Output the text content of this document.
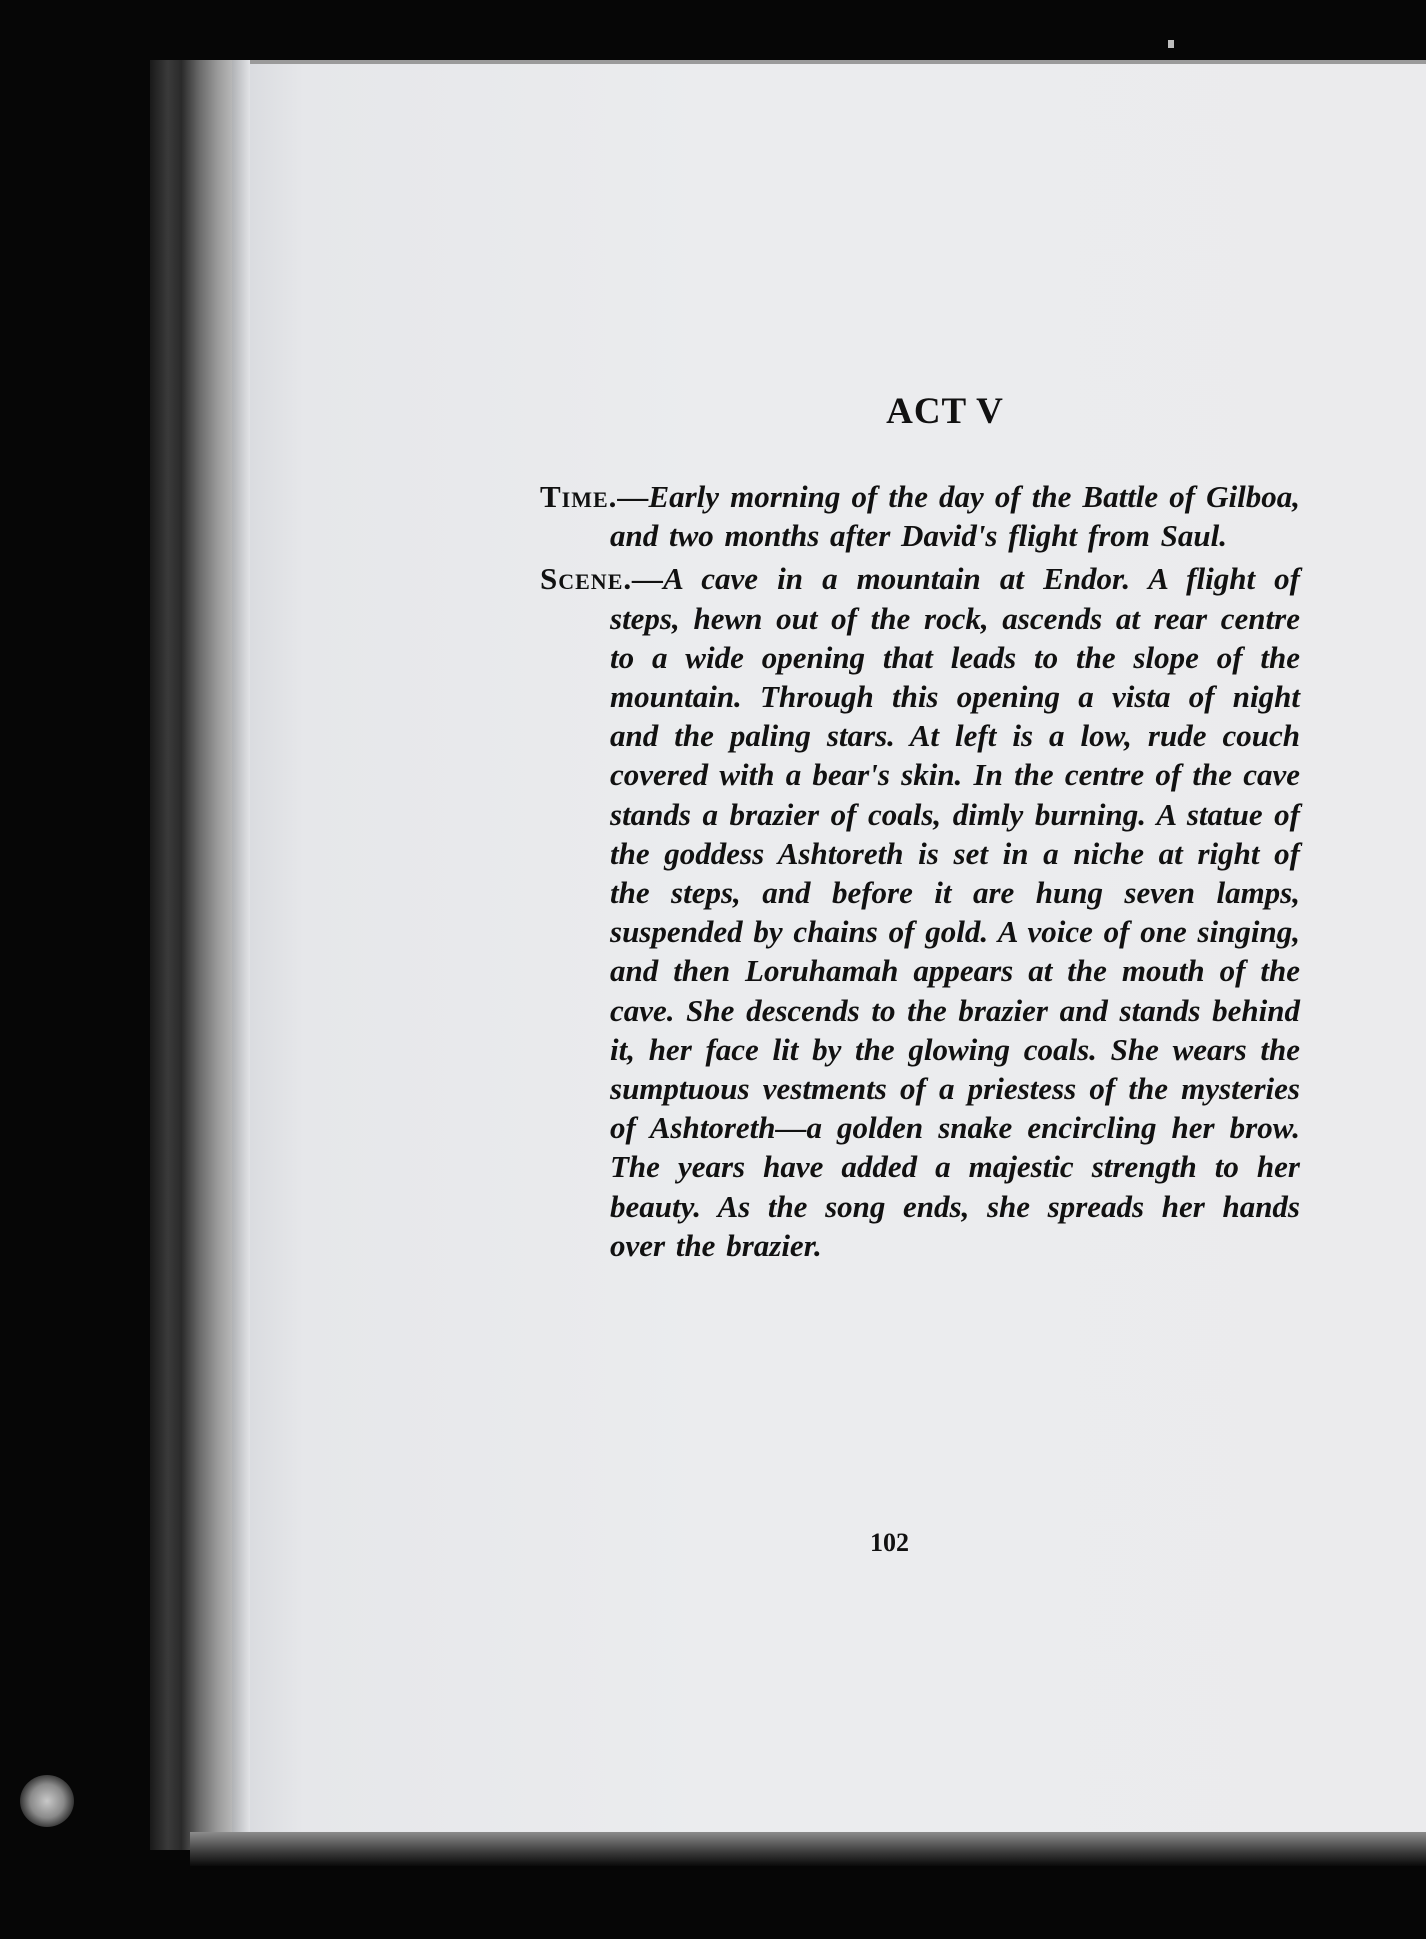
ACT V

Time.—Early morning of the day of the Battle of Gilboa, and two months after David's flight from Saul.

Scene.—A cave in a mountain at Endor. A flight of steps, hewn out of the rock, ascends at rear centre to a wide opening that leads to the slope of the mountain. Through this opening a vista of night and the paling stars. At left is a low, rude couch covered with a bear's skin. In the centre of the cave stands a brazier of coals, dimly burning. A statue of the goddess Ashtoreth is set in a niche at right of the steps, and before it are hung seven lamps, suspended by chains of gold. A voice of one singing, and then Loruhamah appears at the mouth of the cave. She descends to the brazier and stands behind it, her face lit by the glowing coals. She wears the sumptuous vestments of a priestess of the mysteries of Ashtoreth—a golden snake encircling her brow. The years have added a majestic strength to her beauty. As the song ends, she spreads her hands over the brazier.

102
